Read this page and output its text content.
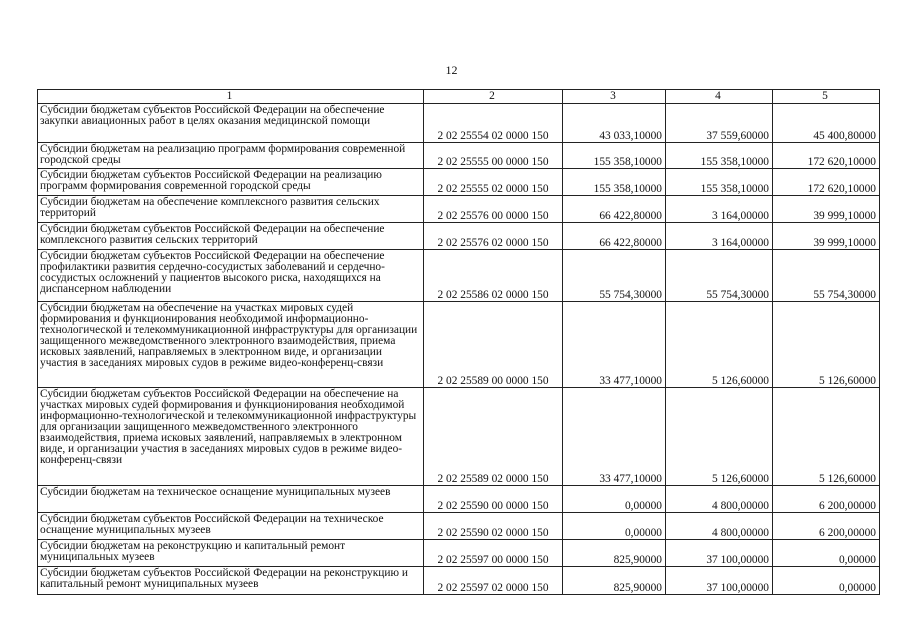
12
1	2	3	4	5
Субсидии бюджетам субъектов Российской Федерации на обеспечение закупки авиационных работ в целях оказания медицинской помощи	2 02 25554 02 0000 150	43 033,10000	37 559,60000	45 400,80000
Субсидии бюджетам на реализацию программ формирования современной городской среды	2 02 25555 00 0000 150	155 358,10000	155 358,10000	172 620,10000
Субсидии бюджетам субъектов Российской Федерации на реализацию программ формирования современной городской среды	2 02 25555 02 0000 150	155 358,10000	155 358,10000	172 620,10000
Субсидии бюджетам на обеспечение комплексного развития сельских территорий	2 02 25576 00 0000 150	66 422,80000	3 164,00000	39 999,10000
Субсидии бюджетам субъектов Российской Федерации на обеспечение комплексного развития сельских территорий	2 02 25576 02 0000 150	66 422,80000	3 164,00000	39 999,10000
Субсидии бюджетам субъектов Российской Федерации на обеспечение профилактики развития сердечно-сосудистых заболеваний и сердечно-сосудистых осложнений у пациентов высокого риска, находящихся на диспансерном наблюдении	2 02 25586 02 0000 150	55 754,30000	55 754,30000	55 754,30000
Субсидии бюджетам на обеспечение на участках мировых судей формирования и функционирования необходимой информационно-технологической и телекоммуникационной инфраструктуры для организации защищенного межведомственного электронного взаимодействия, приема исковых заявлений, направляемых в электронном виде, и организации участия в заседаниях мировых судов в режиме видео-конференц-связи	2 02 25589 00 0000 150	33 477,10000	5 126,60000	5 126,60000
Субсидии бюджетам субъектов Российской Федерации на обеспечение на участках мировых судей формирования и функционирования необходимой информационно-технологической и телекоммуникационной инфраструктуры для организации защищенного межведомственного электронного взаимодействия, приема исковых заявлений, направляемых в электронном виде, и организации участия в заседаниях мировых судов в режиме видео-конференц-связи	2 02 25589 02 0000 150	33 477,10000	5 126,60000	5 126,60000
Субсидии бюджетам на техническое оснащение муниципальных музеев	2 02 25590 00 0000 150	0,00000	4 800,00000	6 200,00000
Субсидии бюджетам субъектов Российской Федерации на техническое оснащение муниципальных музеев	2 02 25590 02 0000 150	0,00000	4 800,00000	6 200,00000
Субсидии бюджетам на реконструкцию и капитальный ремонт муниципальных музеев	2 02 25597 00 0000 150	825,90000	37 100,00000	0,00000
Субсидии бюджетам субъектов Российской Федерации на реконструкцию и капитальный ремонт муниципальных музеев	2 02 25597 02 0000 150	825,90000	37 100,00000	0,00000
